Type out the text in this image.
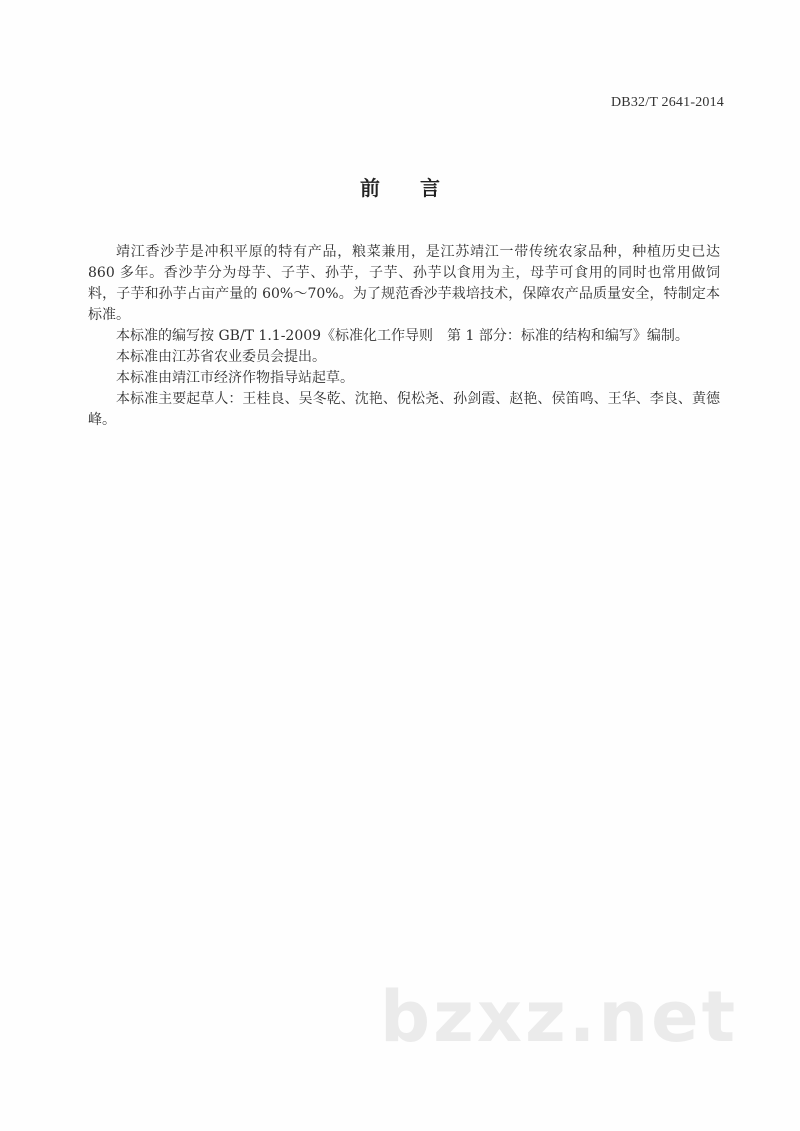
DB32/T 2641-2014
前言

靖江香沙芋是冲积平原的特有产品，粮菜兼用，是江苏靖江一带传统农家品种，种植历史已达 860 多年。香沙芋分为母芋、子芋、孙芋，子芋、孙芋以食用为主，母芋可食用的同时也常用做饲料，子芋和孙芋占亩产量的 60%～70%。为了规范香沙芋栽培技术，保障农产品质量安全，特制定本标准。

本标准的编写按 GB/T 1.1-2009《标准化工作导则　第 1 部分：标准的结构和编写》编制。

本标准由江苏省农业委员会提出。

本标准由靖江市经济作物指导站起草。

本标准主要起草人：王桂良、吴冬乾、沈艳、倪松尧、孙剑霞、赵艳、侯笛鸣、王华、李良、黄德峰。

bzxz.net
